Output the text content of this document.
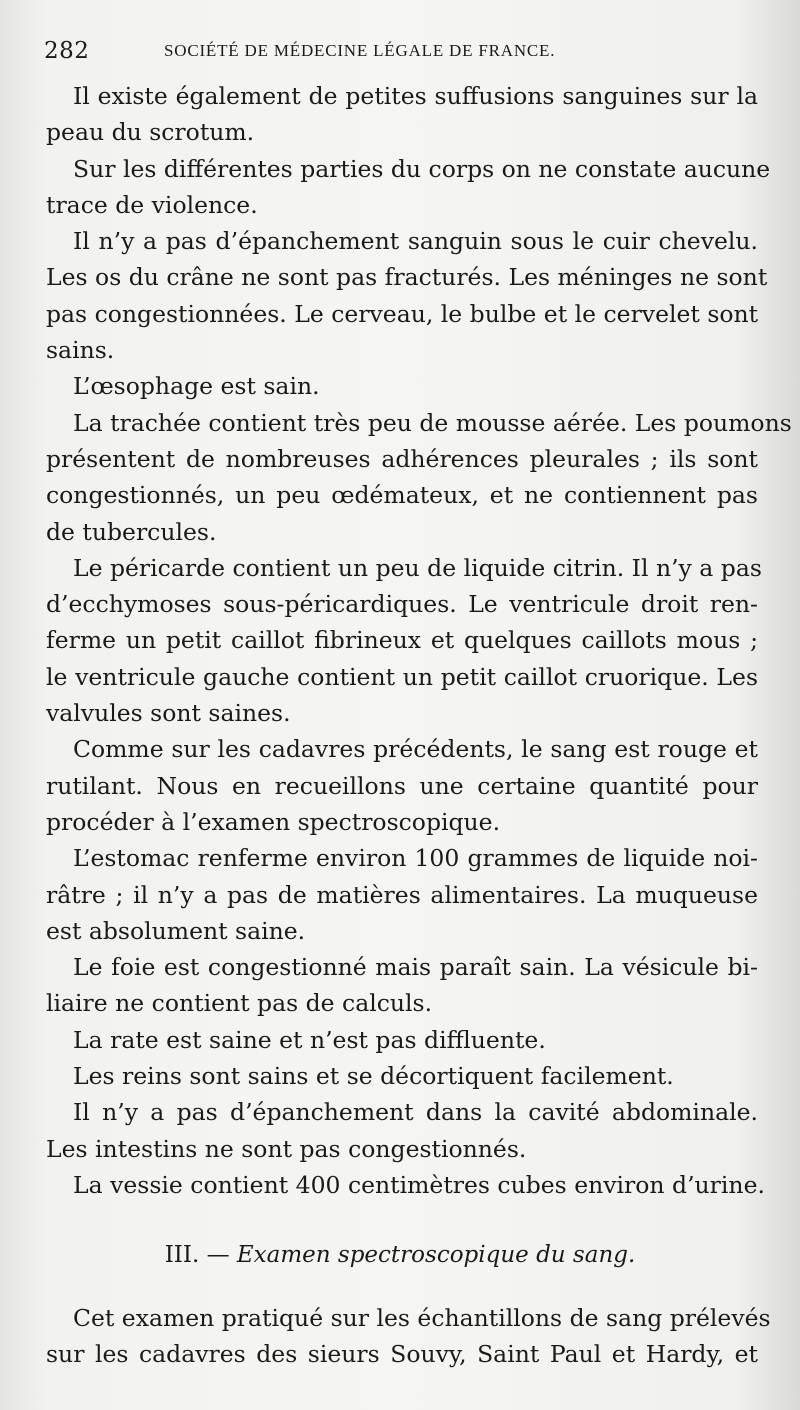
282	SOCIÉTÉ DE MÉDECINE LÉGALE DE FRANCE.
Il existe également de petites suffusions sanguines sur la
peau du scrotum.
Sur les différentes parties du corps on ne constate aucune
trace de violence.
Il n’y a pas d’épanchement sanguin sous le cuir chevelu.
Les os du crâne ne sont pas fracturés. Les méninges ne sont
pas congestionnées. Le cerveau, le bulbe et le cervelet sont
sains.
L’œsophage est sain.
La trachée contient très peu de mousse aérée. Les poumons
présentent de nombreuses adhérences pleurales ; ils sont
congestionnés, un peu œdémateux, et ne contiennent pas
de tubercules.
Le péricarde contient un peu de liquide citrin. Il n’y a pas
d’ecchymoses sous-péricardiques. Le ventricule droit ren-
ferme un petit caillot fibrineux et quelques caillots mous ;
le ventricule gauche contient un petit caillot cruorique. Les
valvules sont saines.
Comme sur les cadavres précédents, le sang est rouge et
rutilant. Nous en recueillons une certaine quantité pour
procéder à l’examen spectroscopique.
L’estomac renferme environ 100 grammes de liquide noi-
râtre ; il n’y a pas de matières alimentaires. La muqueuse
est absolument saine.
Le foie est congestionné mais paraît sain. La vésicule bi-
liaire ne contient pas de calculs.
La rate est saine et n’est pas diffluente.
Les reins sont sains et se décortiquent facilement.
Il n’y a pas d’épanchement dans la cavité abdominale.
Les intestins ne sont pas congestionnés.
La vessie contient 400 centimètres cubes environ d’urine.
III. — Examen spectroscopique du sang.
Cet examen pratiqué sur les échantillons de sang prélevés
sur les cadavres des sieurs Souvy, Saint Paul et Hardy, et
